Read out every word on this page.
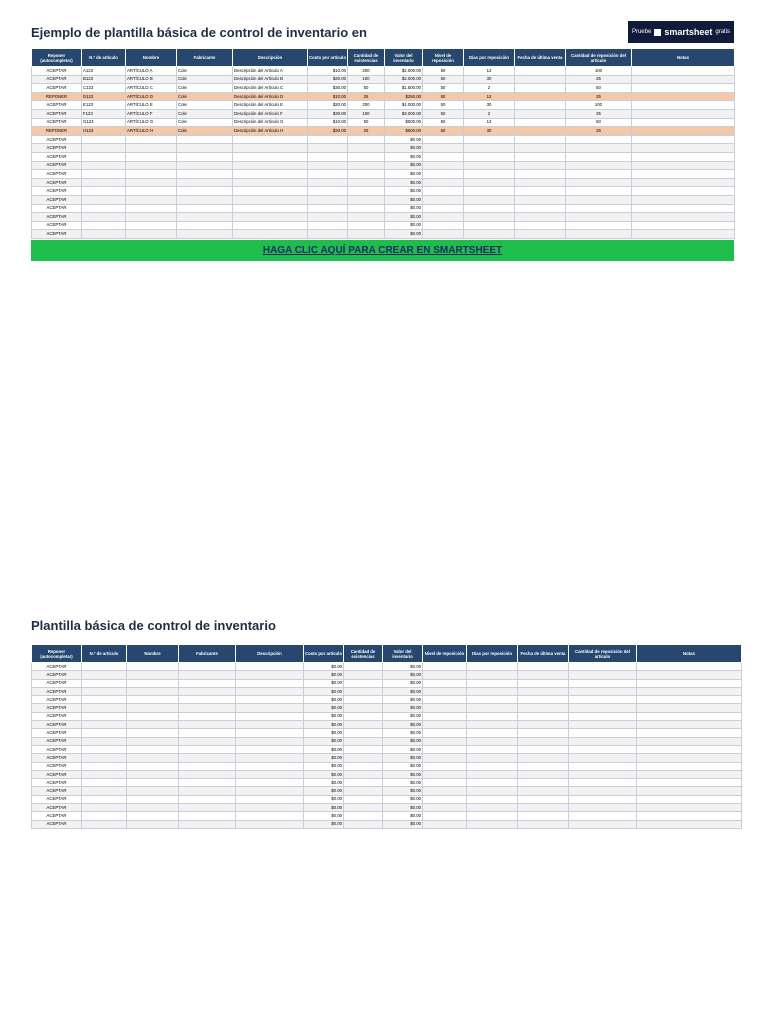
Ejemplo de plantilla básica de control de inventario en	Pruebe smartsheet gratis
Reponer (autocompletar)	N.º de artículo	Nombre	Fabricante	Descripción	Costo por artículo	Cantidad de existencias	Valor del inventario	Nivel de reposición	Días por reposición	Fecha de última venta	Cantidad de reposición del artículo	Notas
ACEPTAR	A123	ARTÍCULO A	Cole	Descripción del Artículo A	$10.00	200	$2.000.00	50	12		100	
ACEPTAR	B123	ARTÍCULO B	Cole	Descripción del Artículo B	$20.00	100	$2.000.00	50	30		25	
ACEPTAR	C123	ARTÍCULO C	Cole	Descripción del Artículo C	$30.00	50	$1.500.00	50	2		50	
REPONER	D123	ARTÍCULO D	Cole	Descripción del Artículo D	$10.00	25	$250.00	50	12		25	
ACEPTAR	E123	ARTÍCULO E	Cole	Descripción del Artículo E	$20.00	200	$4.000.00	50	30		100	
ACEPTAR	F123	ARTÍCULO F	Cole	Descripción del Artículo F	$30.00	100	$3.000.00	50	2		25	
ACEPTAR	G123	ARTÍCULO G	Cole	Descripción del Artículo G	$10.00	50	$500.00	50	12		50	
REPONER	H123	ARTÍCULO H	Cole	Descripción del Artículo H	$20.00	25	$500.00	50	30		25	
ACEPTAR							$0.00					
ACEPTAR							$0.00					
ACEPTAR							$0.00					
ACEPTAR							$0.00					
ACEPTAR							$0.00					
ACEPTAR							$0.00					
ACEPTAR							$0.00					
ACEPTAR							$0.00					
ACEPTAR							$0.00					
ACEPTAR							$0.00					
ACEPTAR							$0.00					
ACEPTAR							$0.00					
HAGA CLIC AQUÍ PARA CREAR EN SMARTSHEET
Plantilla básica de control de inventario
Reponer (autocompletar)	N.º de artículo	Nombre	Fabricante	Descripción	Costo por artículo	Cantidad de existencias	Valor del inventario	Nivel de reposición	Días por reposición	Fecha de última venta	Cantidad de reposición del artículo	Notas
ACEPTAR					$0.00		$0.00					
ACEPTAR					$0.00		$0.00					
ACEPTAR					$0.00		$0.00					
ACEPTAR					$0.00		$0.00					
ACEPTAR					$0.00		$0.00					
ACEPTAR					$0.00		$0.00					
ACEPTAR					$0.00		$0.00					
ACEPTAR					$0.00		$0.00					
ACEPTAR					$0.00		$0.00					
ACEPTAR					$0.00		$0.00					
ACEPTAR					$0.00		$0.00					
ACEPTAR					$0.00		$0.00					
ACEPTAR					$0.00		$0.00					
ACEPTAR					$0.00		$0.00					
ACEPTAR					$0.00		$0.00					
ACEPTAR					$0.00		$0.00					
ACEPTAR					$0.00		$0.00					
ACEPTAR					$0.00		$0.00					
ACEPTAR					$0.00		$0.00					
ACEPTAR					$0.00		$0.00					
